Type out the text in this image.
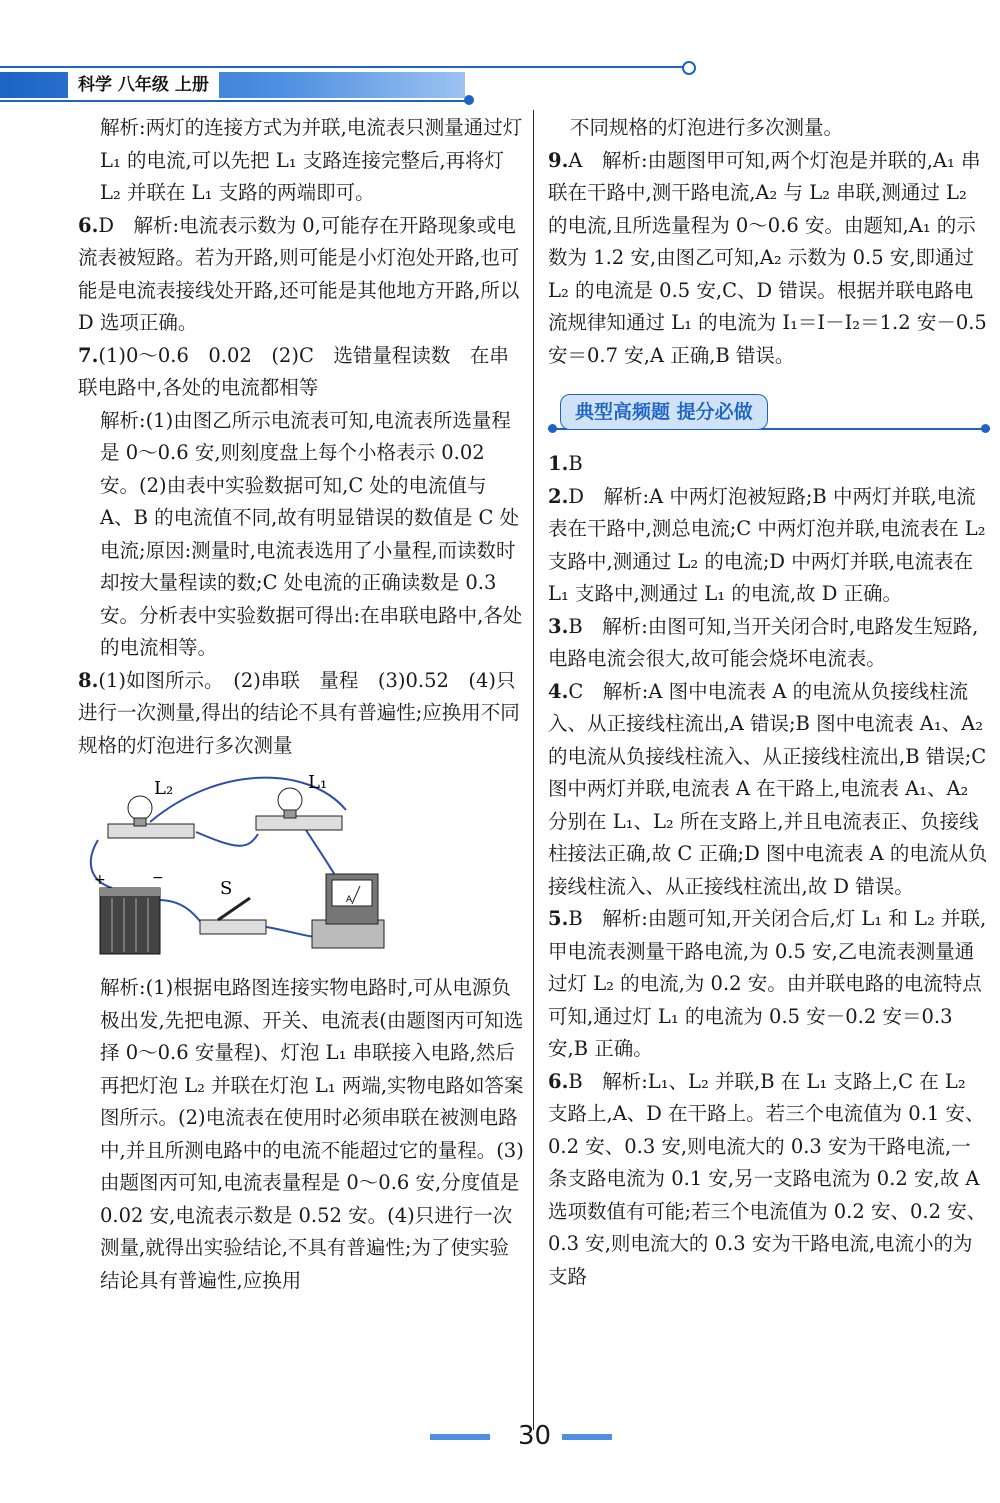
科学 八年级 上册

解析:两灯的连接方式为并联,电流表只测量通过灯 L₁ 的电流,可以先把 L₁ 支路连接完整后,再将灯 L₂ 并联在 L₁ 支路的两端即可。

6.D　解析:电流表示数为 0,可能存在开路现象或电流表被短路。若为开路,则可能是小灯泡处开路,也可能是电流表接线处开路,还可能是其他地方开路,所以 D 选项正确。

7.(1)0～0.6　0.02　(2)C　选错量程读数　在串联电路中,各处的电流都相等

解析:(1)由图乙所示电流表可知,电流表所选量程是 0～0.6 安,则刻度盘上每个小格表示 0.02 安。(2)由表中实验数据可知,C 处的电流值与 A、B 的电流值不同,故有明显错误的数值是 C 处电流;原因:测量时,电流表选用了小量程,而读数时却按大量程读的数;C 处电流的正确读数是 0.3 安。分析表中实验数据可得出:在串联电路中,各处的电流相等。

8.(1)如图所示。　(2)串联　量程　(3)0.52　(4)只进行一次测量,得出的结论不具有普遍性;应换用不同规格的灯泡进行多次测量

L₂	L₁
+	−	S
A

解析:(1)根据电路图连接实物电路时,可从电源负极出发,先把电源、开关、电流表(由题图丙可知选择 0～0.6 安量程)、灯泡 L₁ 串联接入电路,然后再把灯泡 L₂ 并联在灯泡 L₁ 两端,实物电路如答案图所示。(2)电流表在使用时必须串联在被测电路中,并且所测电路中的电流不能超过它的量程。(3)由题图丙可知,电流表量程是 0～0.6 安,分度值是 0.02 安,电流表示数是 0.52 安。(4)只进行一次测量,就得出实验结论,不具有普遍性;为了使实验结论具有普遍性,应换用

不同规格的灯泡进行多次测量。

9.A　解析:由题图甲可知,两个灯泡是并联的,A₁ 串联在干路中,测干路电流,A₂ 与 L₂ 串联,测通过 L₂ 的电流,且所选量程为 0～0.6 安。由题知,A₁ 的示数为 1.2 安,由图乙可知,A₂ 示数为 0.5 安,即通过 L₂ 的电流是 0.5 安,C、D 错误。根据并联电路电流规律知通过 L₁ 的电流为 I₁＝I－I₂＝1.2 安－0.5 安＝0.7 安,A 正确,B 错误。

典型高频题 提分必做

1.B

2.D　解析:A 中两灯泡被短路;B 中两灯并联,电流表在干路中,测总电流;C 中两灯泡并联,电流表在 L₂ 支路中,测通过 L₂ 的电流;D 中两灯并联,电流表在 L₁ 支路中,测通过 L₁ 的电流,故 D 正确。

3.B　解析:由图可知,当开关闭合时,电路发生短路,电路电流会很大,故可能会烧坏电流表。

4.C　解析:A 图中电流表 A 的电流从负接线柱流入、从正接线柱流出,A 错误;B 图中电流表 A₁、A₂ 的电流从负接线柱流入、从正接线柱流出,B 错误;C 图中两灯并联,电流表 A 在干路上,电流表 A₁、A₂ 分别在 L₁、L₂ 所在支路上,并且电流表正、负接线柱接法正确,故 C 正确;D 图中电流表 A 的电流从负接线柱流入、从正接线柱流出,故 D 错误。

5.B　解析:由题可知,开关闭合后,灯 L₁ 和 L₂ 并联,甲电流表测量干路电流,为 0.5 安,乙电流表测量通过灯 L₂ 的电流,为 0.2 安。由并联电路的电流特点可知,通过灯 L₁ 的电流为 0.5 安－0.2 安＝0.3 安,B 正确。

6.B　解析:L₁、L₂ 并联,B 在 L₁ 支路上,C 在 L₂ 支路上,A、D 在干路上。若三个电流值为 0.1 安、0.2 安、0.3 安,则电流大的 0.3 安为干路电流,一条支路电流为 0.1 安,另一支路电流为 0.2 安,故 A 选项数值有可能;若三个电流值为 0.2 安、0.2 安、0.3 安,则电流大的 0.3 安为干路电流,电流小的为支路

30
